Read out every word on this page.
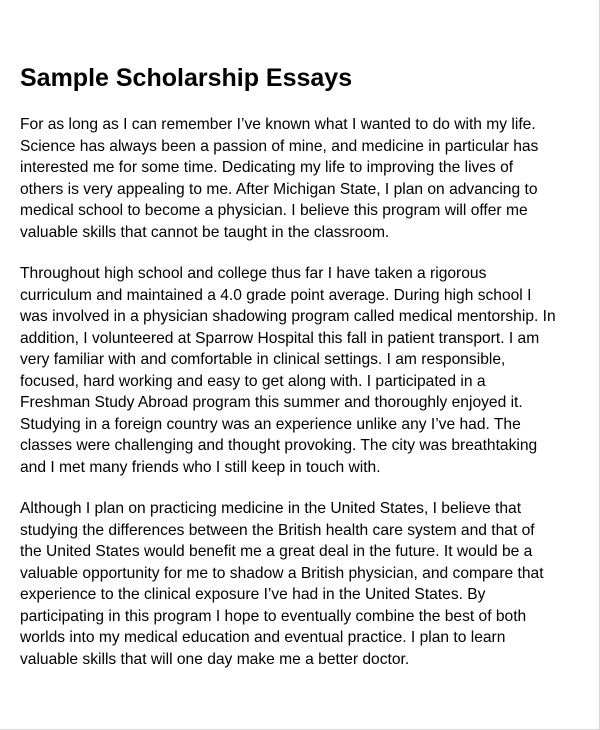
Sample Scholarship Essays

For as long as I can remember I’ve known what I wanted to do with my life.
Science has always been a passion of mine, and medicine in particular has
interested me for some time. Dedicating my life to improving the lives of
others is very appealing to me. After Michigan State, I plan on advancing to
medical school to become a physician. I believe this program will offer me
valuable skills that cannot be taught in the classroom.

Throughout high school and college thus far I have taken a rigorous
curriculum and maintained a 4.0 grade point average. During high school I
was involved in a physician shadowing program called medical mentorship. In
addition, I volunteered at Sparrow Hospital this fall in patient transport. I am
very familiar with and comfortable in clinical settings. I am responsible,
focused, hard working and easy to get along with. I participated in a
Freshman Study Abroad program this summer and thoroughly enjoyed it.
Studying in a foreign country was an experience unlike any I’ve had. The
classes were challenging and thought provoking. The city was breathtaking
and I met many friends who I still keep in touch with.

Although I plan on practicing medicine in the United States, I believe that
studying the differences between the British health care system and that of
the United States would benefit me a great deal in the future. It would be a
valuable opportunity for me to shadow a British physician, and compare that
experience to the clinical exposure I’ve had in the United States. By
participating in this program I hope to eventually combine the best of both
worlds into my medical education and eventual practice. I plan to learn
valuable skills that will one day make me a better doctor.
